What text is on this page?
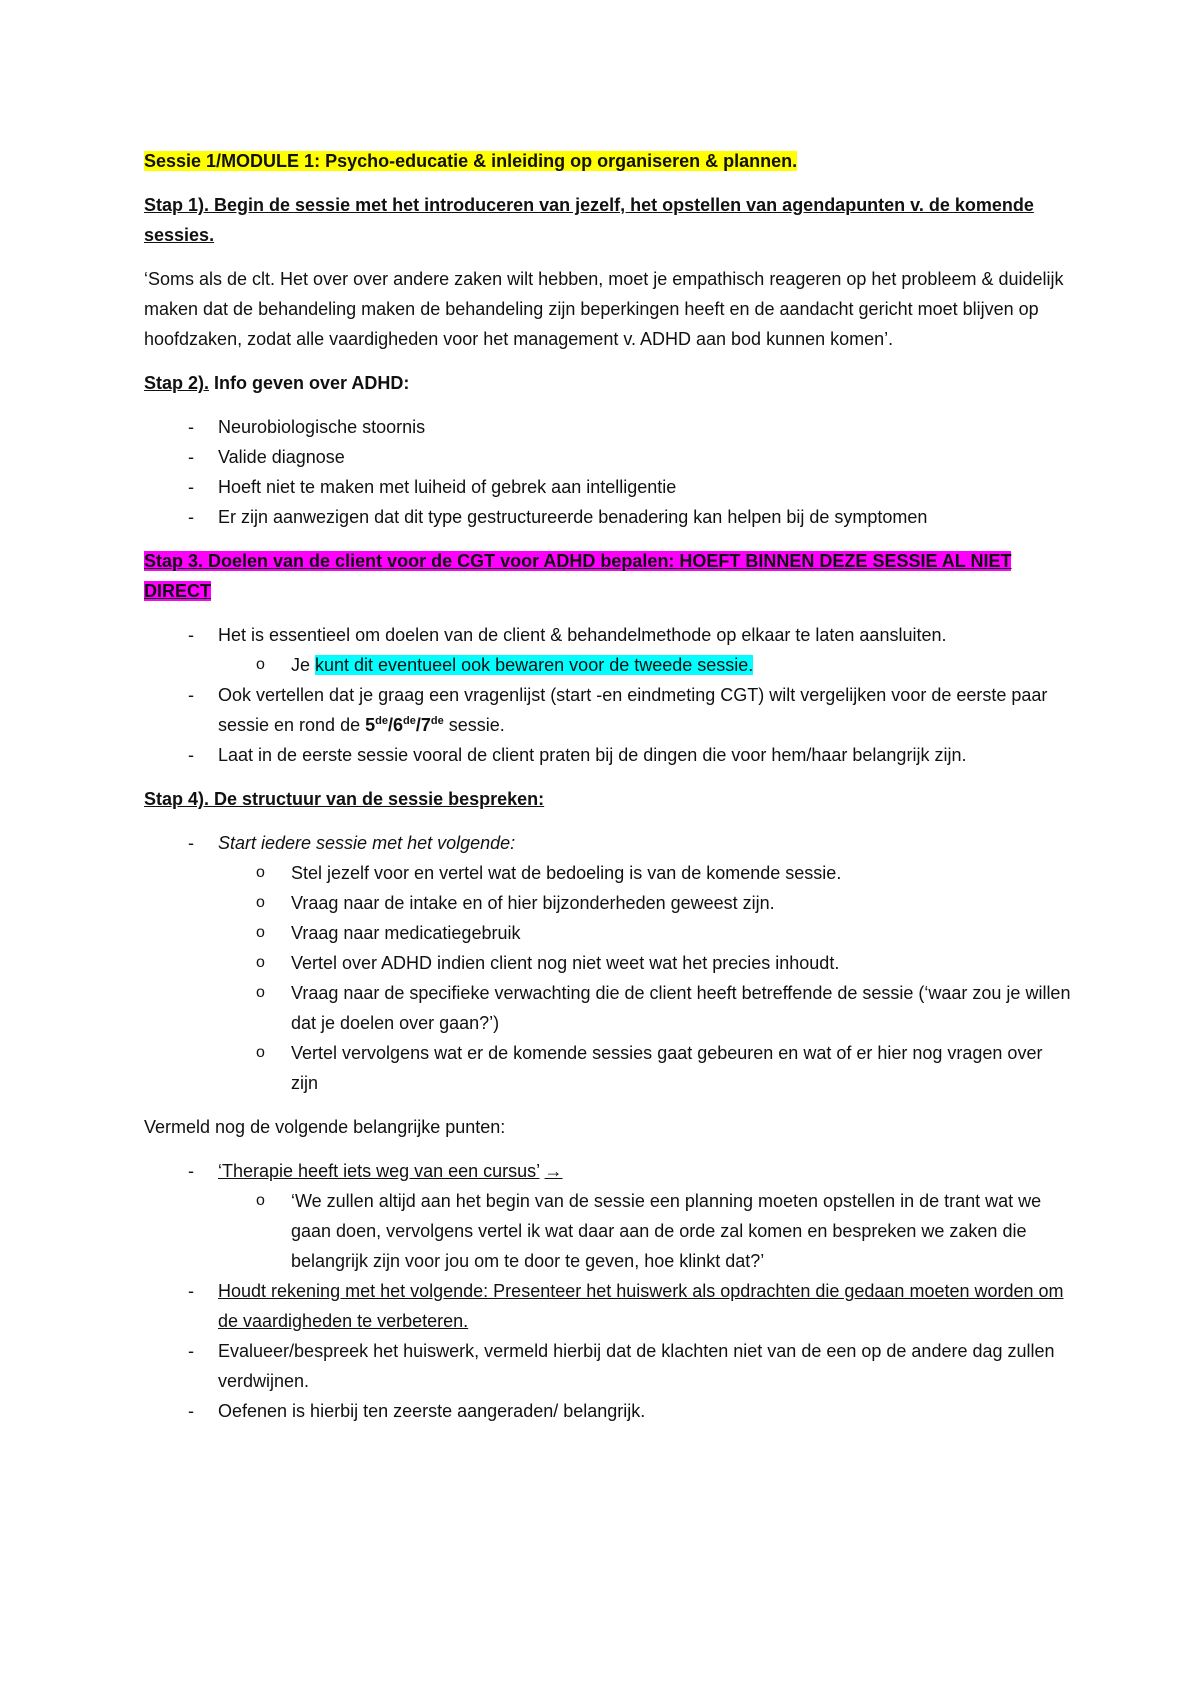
Sessie 1/MODULE 1: Psycho-educatie & inleiding op organiseren & plannen.

Stap 1). Begin de sessie met het introduceren van jezelf, het opstellen van agendapunten v. de komende sessies.

‘Soms als de clt. Het over over andere zaken wilt hebben, moet je empathisch reageren op het probleem & duidelijk maken dat de behandeling maken de behandeling zijn beperkingen heeft en de aandacht gericht moet blijven op hoofdzaken, zodat alle vaardigheden voor het management v. ADHD aan bod kunnen komen’.

Stap 2). Info geven over ADHD:

- Neurobiologische stoornis
- Valide diagnose
- Hoeft niet te maken met luiheid of gebrek aan intelligentie
- Er zijn aanwezigen dat dit type gestructureerde benadering kan helpen bij de symptomen

Stap 3. Doelen van de client voor de CGT voor ADHD bepalen: HOEFT BINNEN DEZE SESSIE AL NIET DIRECT

- Het is essentieel om doelen van de client & behandelmethode op elkaar te laten aansluiten.
o Je kunt dit eventueel ook bewaren voor de tweede sessie.
- Ook vertellen dat je graag een vragenlijst (start -en eindmeting CGT) wilt vergelijken voor de eerste paar sessie en rond de 5de/6de/7de sessie.
- Laat in de eerste sessie vooral de client praten bij de dingen die voor hem/haar belangrijk zijn.

Stap 4). De structuur van de sessie bespreken:

- Start iedere sessie met het volgende:
o Stel jezelf voor en vertel wat de bedoeling is van de komende sessie.
o Vraag naar de intake en of hier bijzonderheden geweest zijn.
o Vraag naar medicatiegebruik
o Vertel over ADHD indien client nog niet weet wat het precies inhoudt.
o Vraag naar de specifieke verwachting die de client heeft betreffende de sessie (‘waar zou je willen dat je doelen over gaan?’)
o Vertel vervolgens wat er de komende sessies gaat gebeuren en wat of er hier nog vragen over zijn

Vermeld nog de volgende belangrijke punten:

- ‘Therapie heeft iets weg van een cursus’ →
o ‘We zullen altijd aan het begin van de sessie een planning moeten opstellen in de trant wat we gaan doen, vervolgens vertel ik wat daar aan de orde zal komen en bespreken we zaken die belangrijk zijn voor jou om te door te geven, hoe klinkt dat?’
- Houdt rekening met het volgende: Presenteer het huiswerk als opdrachten die gedaan moeten worden om de vaardigheden te verbeteren.
- Evalueer/bespreek het huiswerk, vermeld hierbij dat de klachten niet van de een op de andere dag zullen verdwijnen.
- Oefenen is hierbij ten zeerste aangeraden/ belangrijk.
